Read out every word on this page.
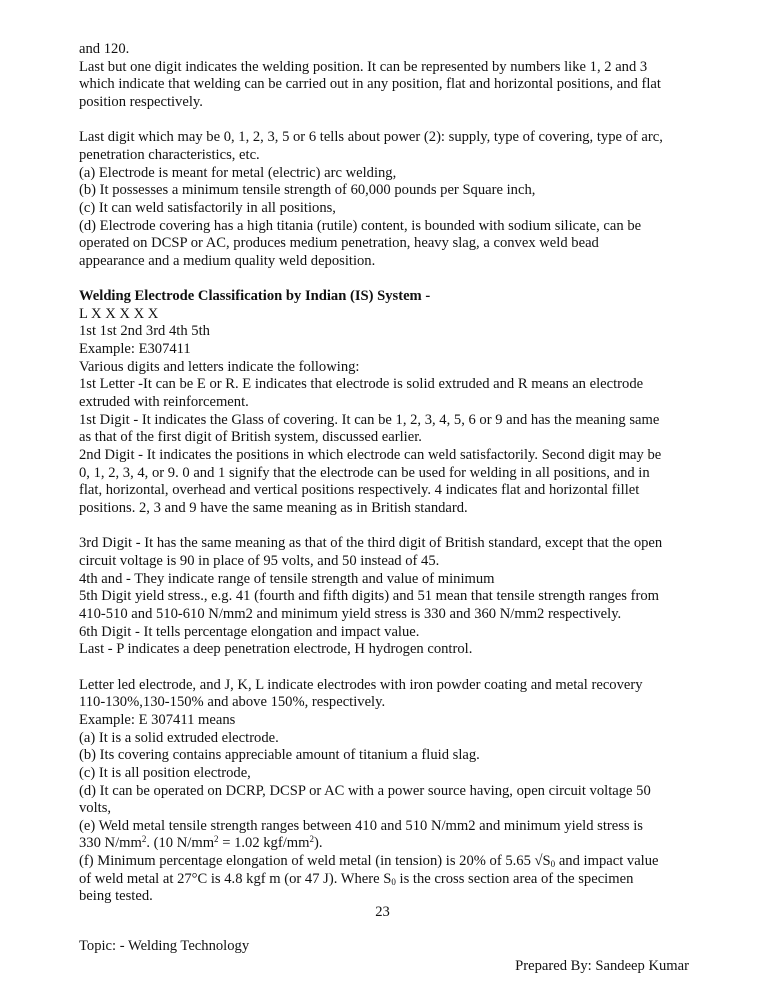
and 120.
Last but one digit indicates the welding position. It can be represented by numbers like 1, 2 and 3
which indicate that welding can be carried out in any position, flat and horizontal positions, and flat
position respectively.
Last digit which may be 0, 1, 2, 3, 5 or 6 tells about power (2): supply, type of covering, type of arc,
penetration characteristics, etc.
(a) Electrode is meant for metal (electric) arc welding,
(b) It possesses a minimum tensile strength of 60,000 pounds per Square inch,
(c) It can weld satisfactorily in all positions,
(d) Electrode covering has a high titania (rutile) content, is bounded with sodium silicate, can be
operated on DCSP or AC, produces medium penetration, heavy slag, a convex weld bead
appearance and a medium quality weld deposition.
Welding Electrode Classification by Indian (IS) System -
L X X X X X
1st 1st 2nd 3rd 4th 5th
Example: E307411
Various digits and letters indicate the following:
1st Letter -It can be E or R. E indicates that electrode is solid extruded and R means an electrode
extruded with reinforcement.
1st Digit - It indicates the Glass of covering. It can be 1, 2, 3, 4, 5, 6 or 9 and has the meaning same
as that of the first digit of British system, discussed earlier.
2nd Digit - It indicates the positions in which electrode can weld satisfactorily. Second digit may be
0, 1, 2, 3, 4, or 9. 0 and 1 signify that the electrode can be used for welding in all positions, and in
flat, horizontal, overhead and vertical positions respectively. 4 indicates flat and horizontal fillet
positions. 2, 3 and 9 have the same meaning as in British standard.
3rd Digit - It has the same meaning as that of the third digit of British standard, except that the open
circuit voltage is 90 in place of 95 volts, and 50 instead of 45.
4th and - They indicate range of tensile strength and value of minimum
5th Digit yield stress., e.g. 41 (fourth and fifth digits) and 51 mean that tensile strength ranges from
410-510 and 510-610 N/mm2 and minimum yield stress is 330 and 360 N/mm2 respectively.
6th Digit - It tells percentage elongation and impact value.
Last - P indicates a deep penetration electrode, H hydrogen control.
Letter led electrode, and J, K, L indicate electrodes with iron powder coating and metal recovery
110-130%,130-150% and above 150%, respectively.
Example: E 307411 means
(a) It is a solid extruded electrode.
(b) Its covering contains appreciable amount of titanium a fluid slag.
(c) It is all position electrode,
(d) It can be operated on DCRP, DCSP or AC with a power source having, open circuit voltage 50
volts,
(e) Weld metal tensile strength ranges between 410 and 510 N/mm2 and minimum yield stress is
330 $N/mm^2$. (10 $N/mm^2 = 1.02$ kgf/$mm^2$).
(f) Minimum percentage elongation of weld metal (in tension) is 20% of 5.65 $√S_0$ and impact value
of weld metal at 27°C is 4.8 kgf m (or 47 J). Where $S_0$ is the cross section area of the specimen
being tested.
23
Topic: - Welding Technology
Prepared By: Sandeep Kumar
